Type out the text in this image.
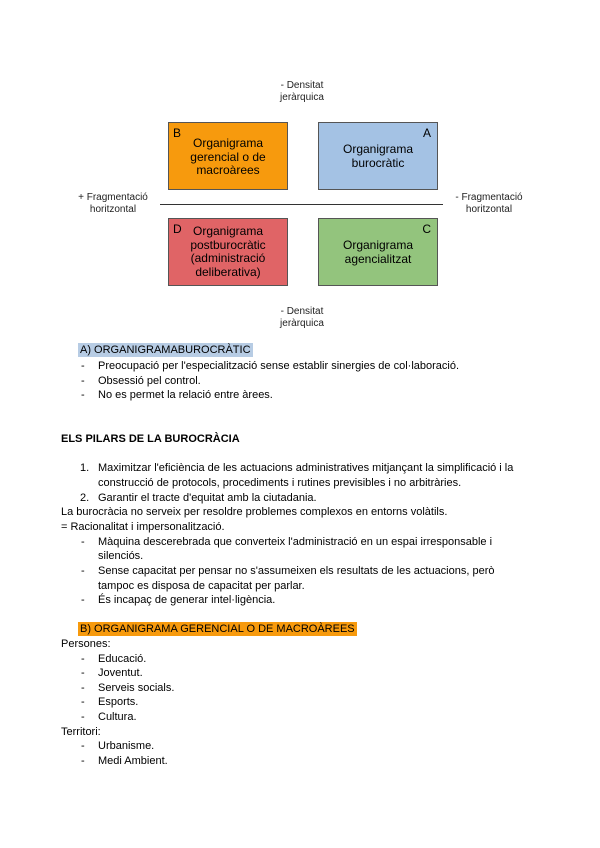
- Densitat
jeràrquica
- Densitat
jeràrquica
+ Fragmentació
horitzontal
- Fragmentació
horitzontal
B
Organigrama
gerencial o de
macroàrees
A
Organigrama
burocràtic
D Organigrama
postburocràtic
(administració
deliberativa)
C
Organigrama
agencialitzat
A) ORGANIGRAMABUROCRÀTIC
-	Preocupació per l'especialització sense establir sinergies de col·laboració.
-	Obsessió pel control.
-	No es permet la relació entre àrees.
ELS PILARS DE LA BUROCRÀCIA
1. Maximitzar l'eficiència de les actuacions administratives mitjançant la simplificació i la
construcció de protocols, procediments i rutines previsibles i no arbitràries.
2. Garantir el tracte d'equitat amb la ciutadania.
La burocràcia no serveix per resoldre problemes complexos en entorns volàtils.
= Racionalitat i impersonalització.
-	Màquina descerebrada que converteix l'administració en un espai irresponsable i
silenciós.
-	Sense capacitat per pensar no s'assumeixen els resultats de les actuacions, però
tampoc es disposa de capacitat per parlar.
-	És incapaç de generar intel·ligència.
B) ORGANIGRAMA GERENCIAL O DE MACROÀREES
Persones:
-	Educació.
-	Joventut.
-	Serveis socials.
-	Esports.
-	Cultura.
Territori:
-	Urbanisme.
-	Medi Ambient.
